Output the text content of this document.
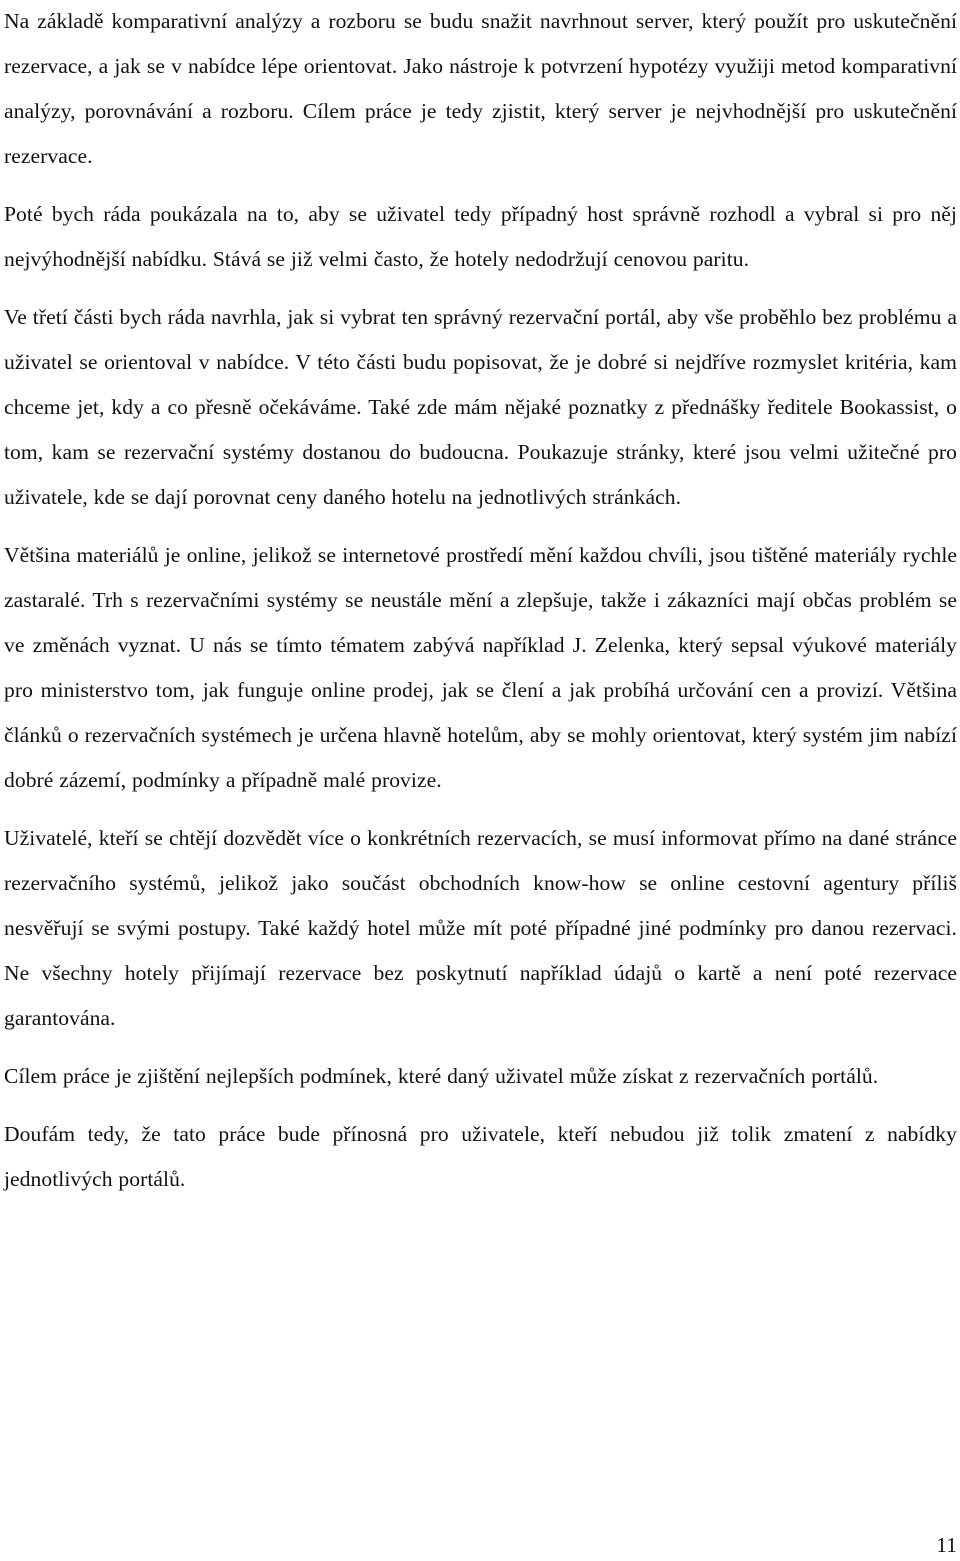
Na základě komparativní analýzy a rozboru se budu snažit navrhnout server, který použít pro uskutečnění rezervace, a jak se v nabídce lépe orientovat. Jako nástroje k potvrzení hypotézy využiji metod komparativní analýzy, porovnávání a rozboru. Cílem práce je tedy zjistit, který server je nejvhodnější pro uskutečnění rezervace.

Poté bych ráda poukázala na to, aby se uživatel tedy případný host správně rozhodl a vybral si pro něj nejvýhodnější nabídku. Stává se již velmi často, že hotely nedodržují cenovou paritu.

Ve třetí části bych ráda navrhla, jak si vybrat ten správný rezervační portál, aby vše proběhlo bez problému a uživatel se orientoval v nabídce. V této části budu popisovat, že je dobré si nejdříve rozmyslet kritéria, kam chceme jet, kdy a co přesně očekáváme. Také zde mám nějaké poznatky z přednášky ředitele Bookassist, o tom, kam se rezervační systémy dostanou do budoucna. Poukazuje stránky, které jsou velmi užitečné pro uživatele, kde se dají porovnat ceny daného hotelu na jednotlivých stránkách.

Většina materiálů je online, jelikož se internetové prostředí mění každou chvíli, jsou tištěné materiály rychle zastaralé. Trh s rezervačními systémy se neustále mění a zlepšuje, takže i zákazníci mají občas problém se ve změnách vyznat. U nás se tímto tématem zabývá například J. Zelenka, který sepsal výukové materiály pro ministerstvo tom, jak funguje online prodej, jak se člení a jak probíhá určování cen a provizí. Většina článků o rezervačních systémech je určena hlavně hotelům, aby se mohly orientovat, který systém jim nabízí dobré zázemí, podmínky a případně malé provize.

Uživatelé, kteří se chtějí dozvědět více o konkrétních rezervacích, se musí informovat přímo na dané stránce rezervačního systémů, jelikož jako součást obchodních know-how se online cestovní agentury příliš nesvěřují se svými postupy. Také každý hotel může mít poté případné jiné podmínky pro danou rezervaci. Ne všechny hotely přijímají rezervace bez poskytnutí například údajů o kartě a není poté rezervace garantována.

Cílem práce je zjištění nejlepších podmínek, které daný uživatel může získat z rezervačních portálů.

Doufám tedy, že tato práce bude přínosná pro uživatele, kteří nebudou již tolik zmatení z nabídky jednotlivých portálů.

11
